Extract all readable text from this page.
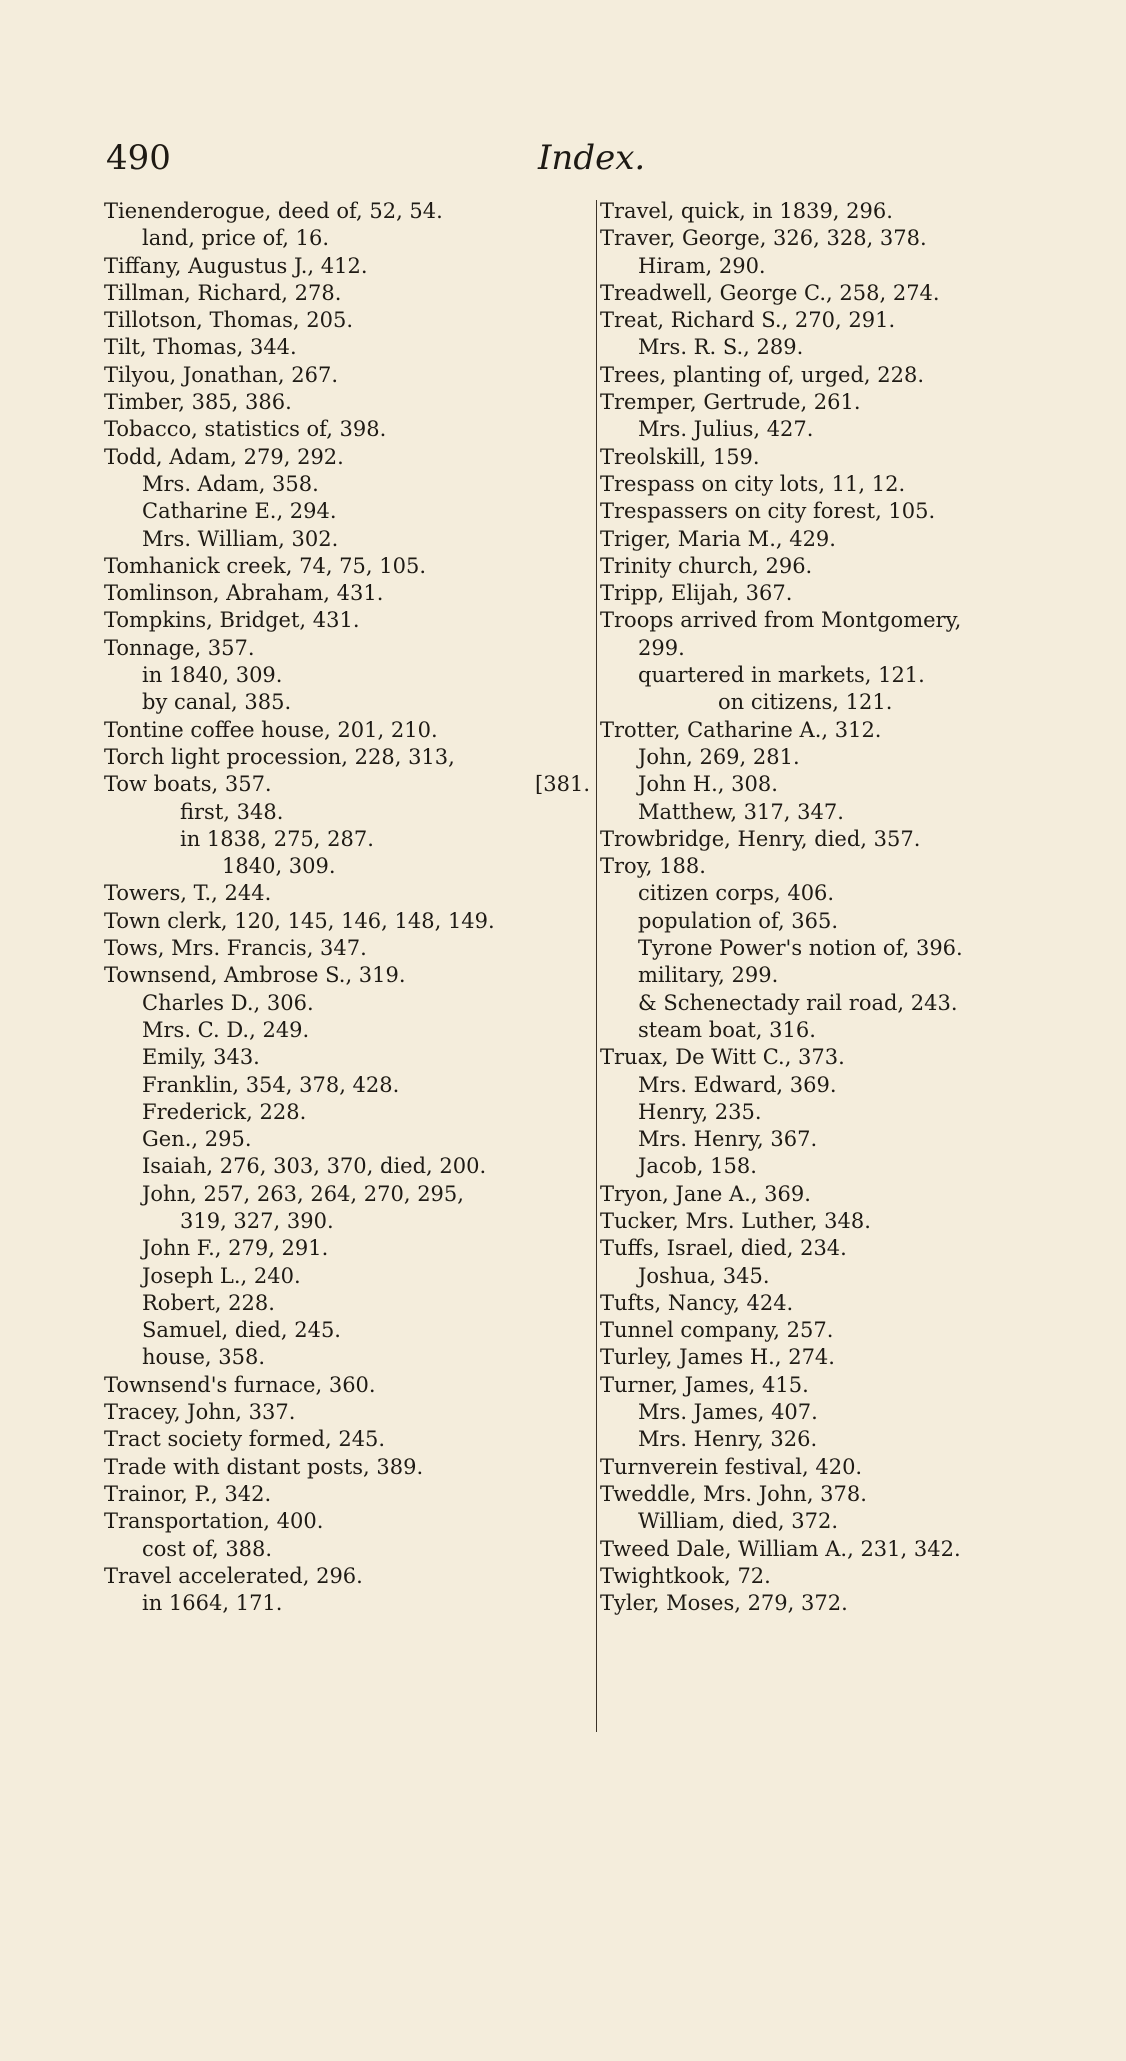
490	Index.
Tienenderogue, deed of, 52, 54.
land, price of, 16.
Tiffany, Augustus J., 412.
Tillman, Richard, 278.
Tillotson, Thomas, 205.
Tilt, Thomas, 344.
Tilyou, Jonathan, 267.
Timber, 385, 386.
Tobacco, statistics of, 398.
Todd, Adam, 279, 292.
Mrs. Adam, 358.
Catharine E., 294.
Mrs. William, 302.
Tomhanick creek, 74, 75, 105.
Tomlinson, Abraham, 431.
Tompkins, Bridget, 431.
Tonnage, 357.
in 1840, 309.
by canal, 385.
Tontine coffee house, 201, 210.
Torch light procession, 228, 313,
Tow boats, 357.	[381.
first, 348.
in 1838, 275, 287.
1840, 309.
Towers, T., 244.
Town clerk, 120, 145, 146, 148, 149.
Tows, Mrs. Francis, 347.
Townsend, Ambrose S., 319.
Charles D., 306.
Mrs. C. D., 249.
Emily, 343.
Franklin, 354, 378, 428.
Frederick, 228.
Gen., 295.
Isaiah, 276, 303, 370, died, 200.
John, 257, 263, 264, 270, 295,
319, 327, 390.
John F., 279, 291.
Joseph L., 240.
Robert, 228.
Samuel, died, 245.
house, 358.
Townsend's furnace, 360.
Tracey, John, 337.
Tract society formed, 245.
Trade with distant posts, 389.
Trainor, P., 342.
Transportation, 400.
cost of, 388.
Travel accelerated, 296.
in 1664, 171.
Travel, quick, in 1839, 296.
Traver, George, 326, 328, 378.
Hiram, 290.
Treadwell, George C., 258, 274.
Treat, Richard S., 270, 291.
Mrs. R. S., 289.
Trees, planting of, urged, 228.
Tremper, Gertrude, 261.
Mrs. Julius, 427.
Treolskill, 159.
Trespass on city lots, 11, 12.
Trespassers on city forest, 105.
Triger, Maria M., 429.
Trinity church, 296.
Tripp, Elijah, 367.
Troops arrived from Montgomery,
299.
quartered in markets, 121.
on citizens, 121.
Trotter, Catharine A., 312.
John, 269, 281.
John H., 308.
Matthew, 317, 347.
Trowbridge, Henry, died, 357.
Troy, 188.
citizen corps, 406.
population of, 365.
Tyrone Power's notion of, 396.
military, 299.
& Schenectady rail road, 243.
steam boat, 316.
Truax, De Witt C., 373.
Mrs. Edward, 369.
Henry, 235.
Mrs. Henry, 367.
Jacob, 158.
Tryon, Jane A., 369.
Tucker, Mrs. Luther, 348.
Tuffs, Israel, died, 234.
Joshua, 345.
Tufts, Nancy, 424.
Tunnel company, 257.
Turley, James H., 274.
Turner, James, 415.
Mrs. James, 407.
Mrs. Henry, 326.
Turnverein festival, 420.
Tweddle, Mrs. John, 378.
William, died, 372.
Tweed Dale, William A., 231, 342.
Twightkook, 72.
Tyler, Moses, 279, 372.
